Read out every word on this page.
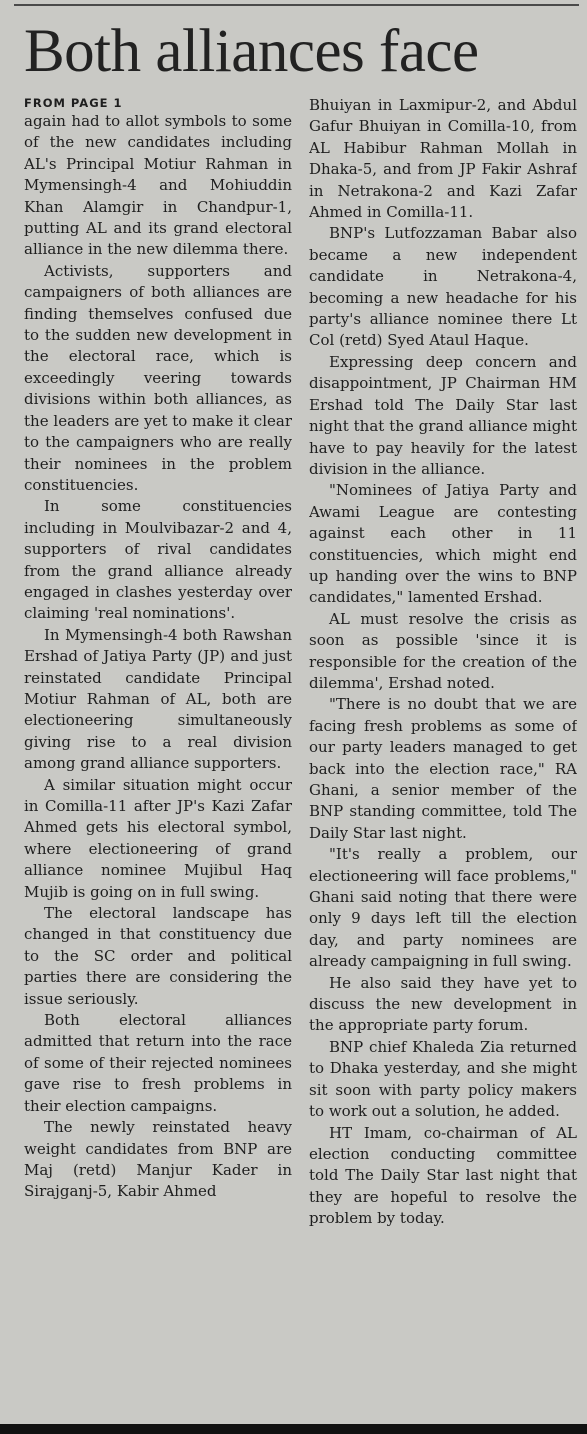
Both alliances face
FROM PAGE 1

again had to allot symbols to some of the new candidates including AL's Principal Motiur Rahman in Mymensingh-4 and Mohiuddin Khan Alamgir in Chandpur-1, putting AL and its grand electoral alliance in the new dilemma there.

Activists, supporters and campaigners of both alliances are finding themselves confused due to the sudden new development in the electoral race, which is exceedingly veering towards divisions within both alliances, as the leaders are yet to make it clear to the campaigners who are really their nominees in the problem constituencies.

In some constituencies including in Moulvibazar-2 and 4, supporters of rival candidates from the grand alliance already engaged in clashes yesterday over claiming 'real nominations'.

In Mymensingh-4 both Rawshan Ershad of Jatiya Party (JP) and just reinstated candidate Principal Motiur Rahman of AL, both are electioneering simultaneously giving rise to a real division among grand alliance supporters.

A similar situation might occur in Comilla-11 after JP's Kazi Zafar Ahmed gets his electoral symbol, where electioneering of grand alliance nominee Mujibul Haq Mujib is going on in full swing.

The electoral landscape has changed in that constituency due to the SC order and political parties there are considering the issue seriously.

Both electoral alliances admitted that return into the race of some of their rejected nominees gave rise to fresh problems in their election campaigns.

The newly reinstated heavy weight candidates from BNP are Maj (retd) Manjur Kader in Sirajganj-5, Kabir Ahmed

Bhuiyan in Laxmipur-2, and Abdul Gafur Bhuiyan in Comilla-10, from AL Habibur Rahman Mollah in Dhaka-5, and from JP Fakir Ashraf in Netrakona-2 and Kazi Zafar Ahmed in Comilla-11.

BNP's Lutfozzaman Babar also became a new independent candidate in Netrakona-4, becoming a new headache for his party's alliance nominee there Lt Col (retd) Syed Ataul Haque.

Expressing deep concern and disappointment, JP Chairman HM Ershad told The Daily Star last night that the grand alliance might have to pay heavily for the latest division in the alliance.

"Nominees of Jatiya Party and Awami League are contesting against each other in 11 constituencies, which might end up handing over the wins to BNP candidates," lamented Ershad.

AL must resolve the crisis as soon as possible 'since it is responsible for the creation of the dilemma', Ershad noted.

"There is no doubt that we are facing fresh problems as some of our party leaders managed to get back into the election race," RA Ghani, a senior member of the BNP standing committee, told The Daily Star last night.

"It's really a problem, our electioneering will face problems," Ghani said noting that there were only 9 days left till the election day, and party nominees are already campaigning in full swing.

He also said they have yet to discuss the new development in the appropriate party forum.

BNP chief Khaleda Zia returned to Dhaka yesterday, and she might sit soon with party policy makers to work out a solution, he added.

HT Imam, co-chairman of AL election conducting committee told The Daily Star last night that they are hopeful to resolve the problem by today.
